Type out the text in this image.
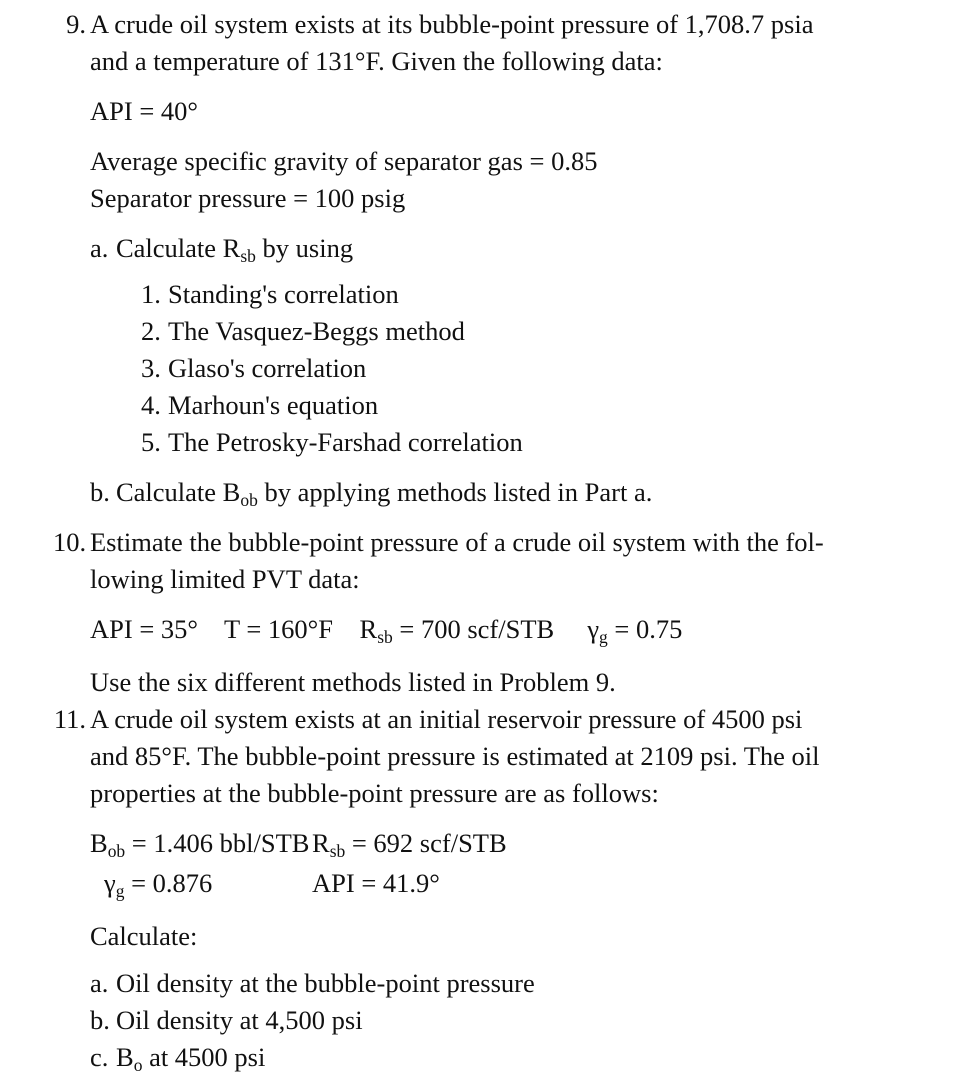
9. A crude oil system exists at its bubble-point pressure of 1,708.7 psia
and a temperature of 131°F. Given the following data:
API = 40°
Average specific gravity of separator gas = 0.85
Separator pressure = 100 psig
a. Calculate $R_{sb}$ by using
1. Standing's correlation
2. The Vasquez-Beggs method
3. Glaso's correlation
4. Marhoun's equation
5. The Petrosky-Farshad correlation
b. Calculate $B_{ob}$ by applying methods listed in Part a.
10. Estimate the bubble-point pressure of a crude oil system with the fol-
lowing limited PVT data:
API = 35° T = 160°F $R_{sb} = 700$ scf/STB $\gamma_g = 0.75$
Use the six different methods listed in Problem 9.
11. A crude oil system exists at an initial reservoir pressure of 4500 psi
and 85°F. The bubble-point pressure is estimated at 2109 psi. The oil
properties at the bubble-point pressure are as follows:
$B_{ob} = 1.406$ bbl/$STBR_{sb} = 692$ scf/STB
$\gamma_g = 0.876$	API = 41.9°
Calculate:
a. Oil density at the bubble-point pressure
b. Oil density at 4,500 psi
c. $B_o$ at 4500 psi
